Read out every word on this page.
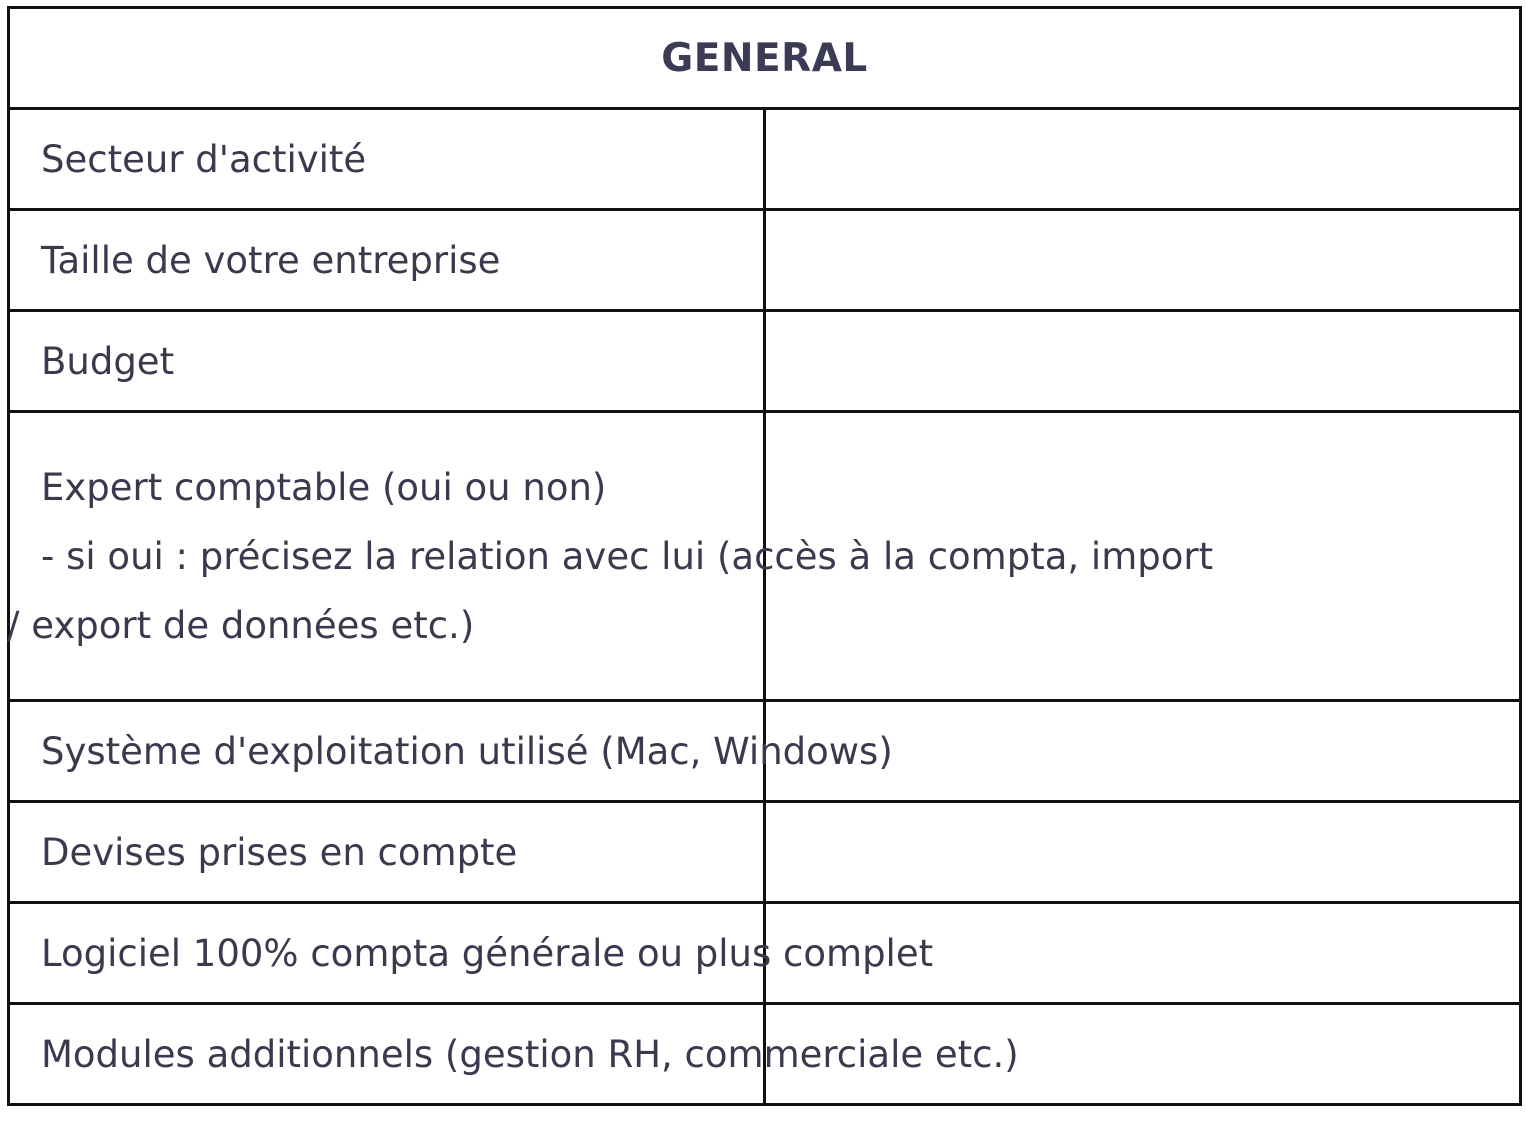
GENERAL	
Secteur d'activité	
Taille de votre entreprise	
Budget	

Expert comptable (oui ou non)
- si oui : précisez la relation avec lui (accès à la compta, import
/ export de données etc.)	

Système d'exploitation utilisé (Mac, Windows)	
Devises prises en compte	
Logiciel 100% compta générale ou plus complet	
Modules additionnels (gestion RH, commerciale etc.)	
